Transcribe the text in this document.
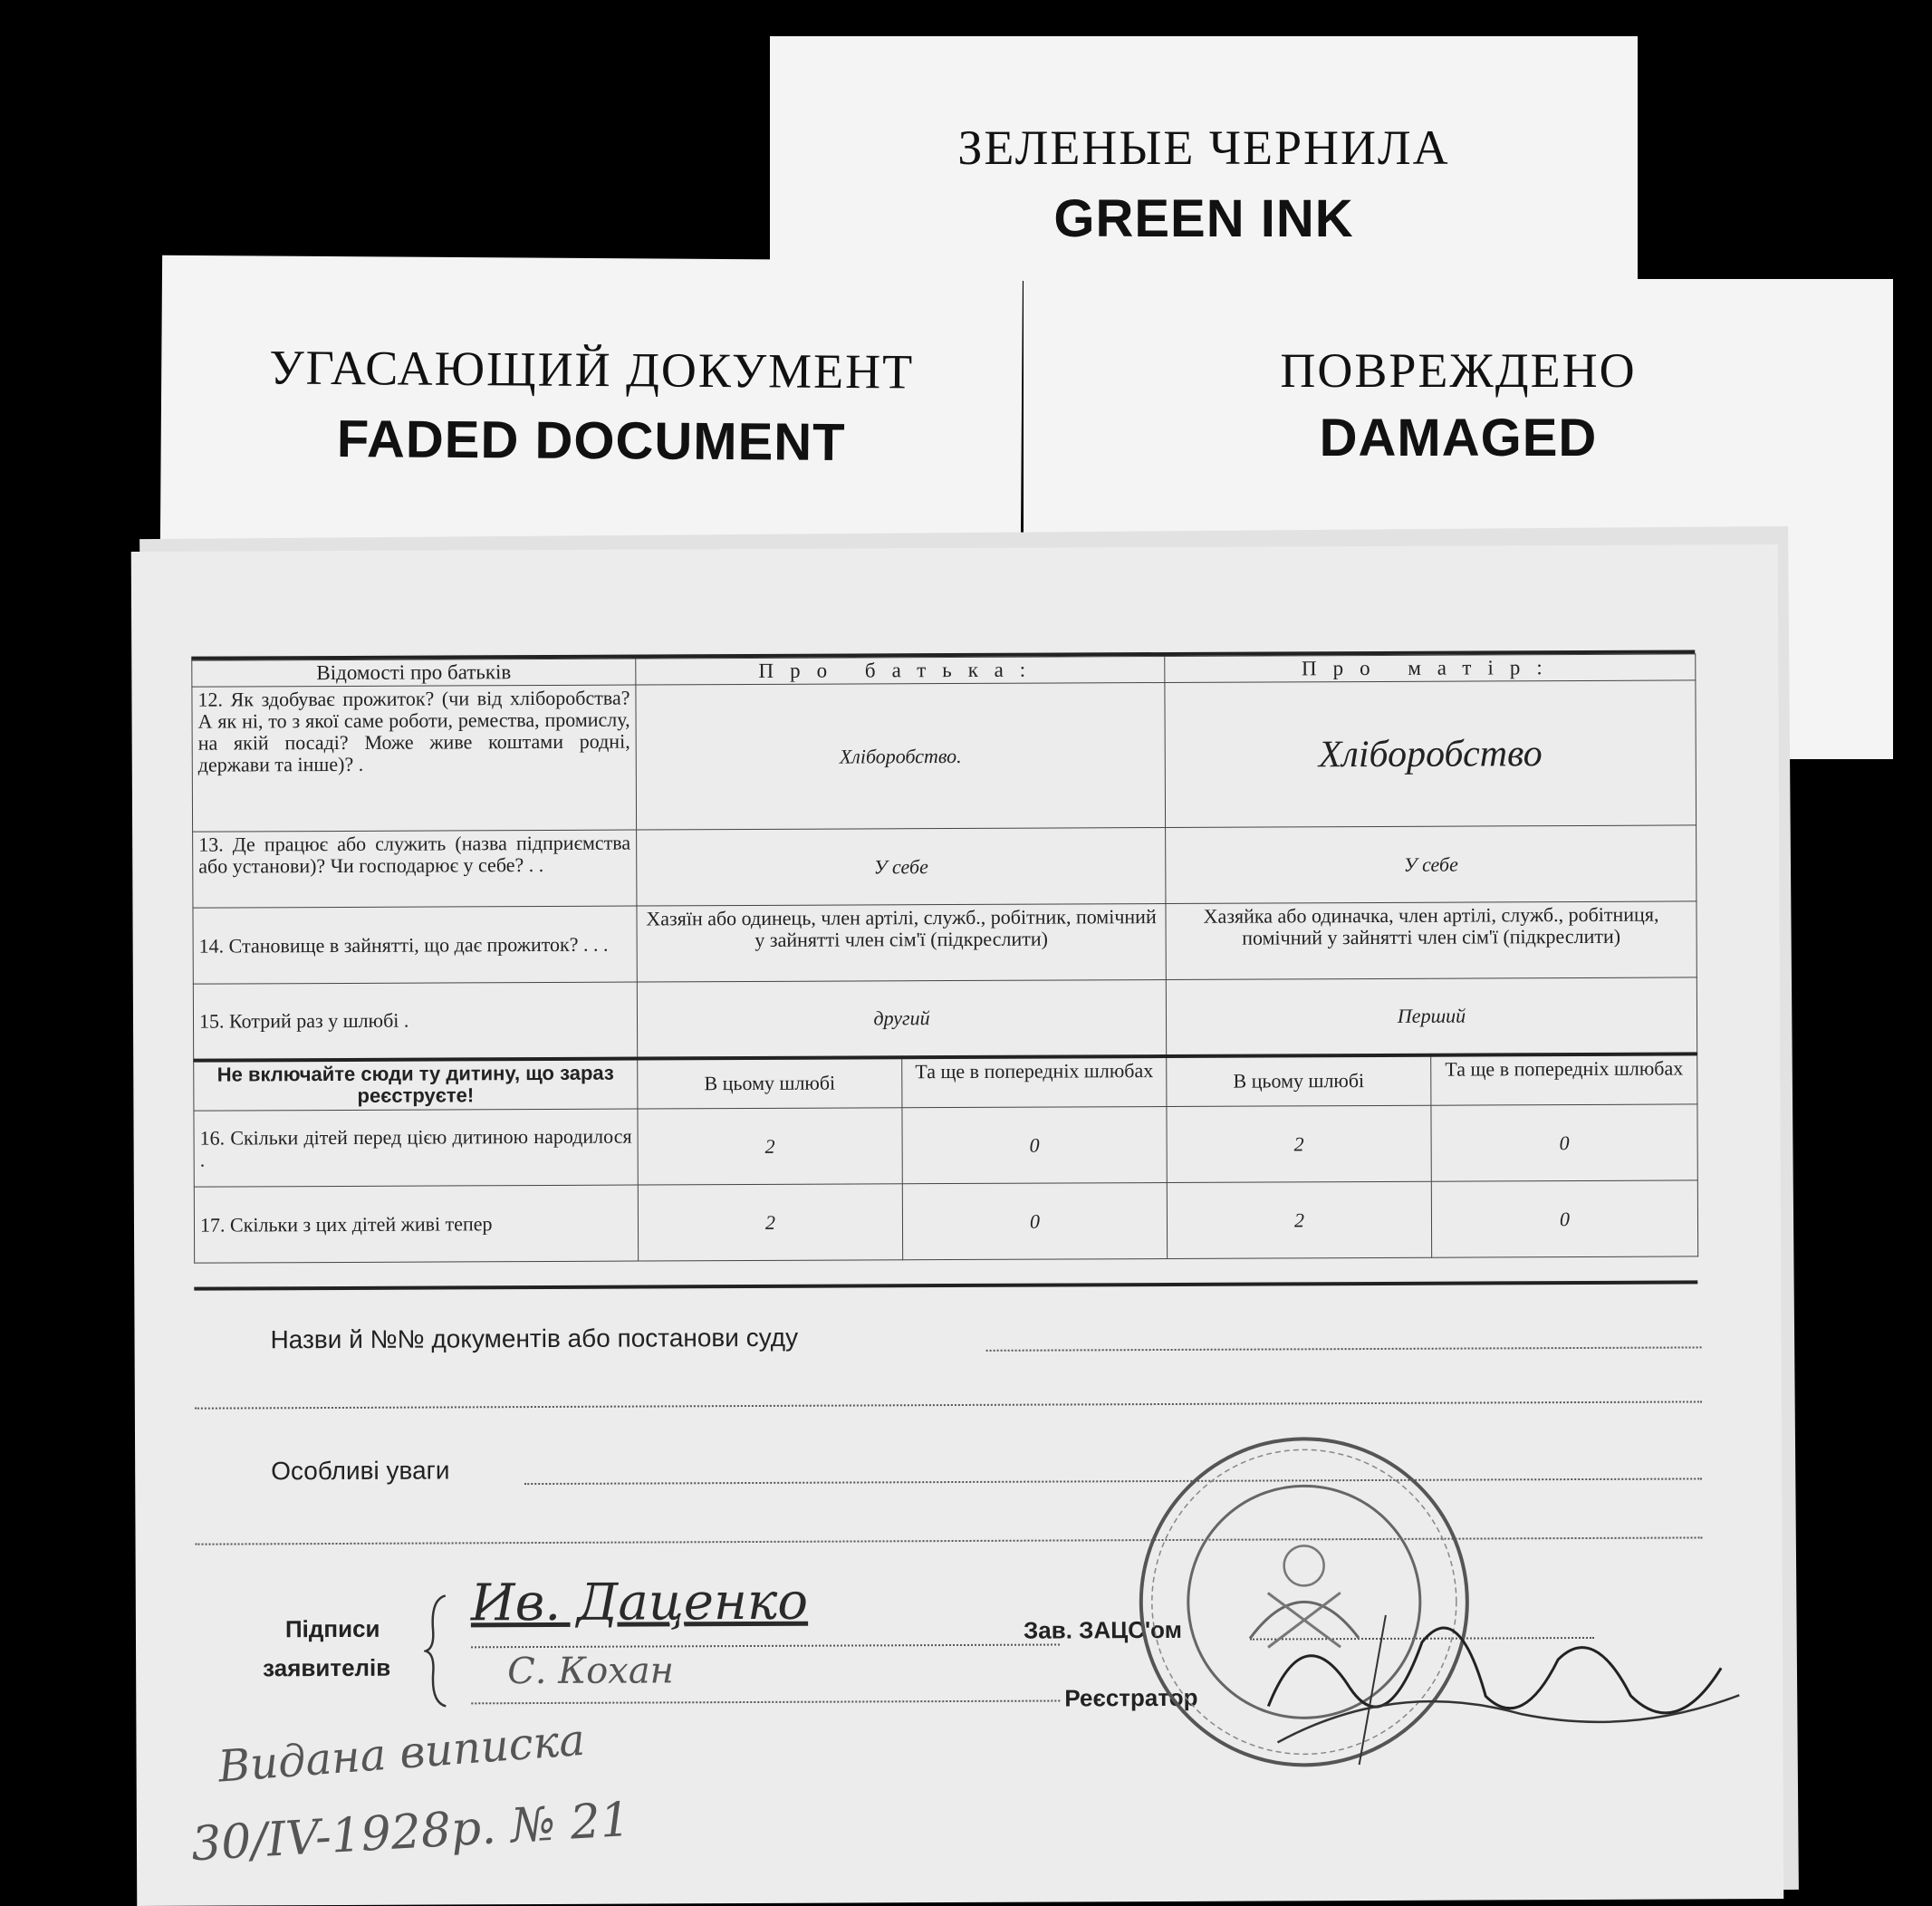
ЗЕЛЕНЫЕ ЧЕРНИЛА
GREEN INK
УГАСАЮЩИЙ ДОКУМЕНТ
FADED DOCUMENT
ПОВРЕЖДЕНО
DAMAGED
Відомості про батьків	Про батька:		Про матір:	
12. Як здобуває прожиток? (чи від хліборобства? А як ні, то з якої саме роботи, ремества, промислу, на якій посаді? Може живе коштами родні, держави та інше)? .	Хліборобство.		Хліборобство	
13. Де працює або служить (назва підприємства або установи)? Чи господарює у себе? . .	У себе		У себе	
14. Становище в зайнятті, що дає прожиток? . . .	Хазяїн або одинець, член артілі, служб., робітник, помічний у зайнятті член сім'ї (підкреслити)		Хазяйка або одиначка, член артілі, служб., робітниця, помічний у зайнятті член сім'ї (підкреслити)	
15. Котрий раз у шлюбі .	другий		Перший	
Не включайте сюди ту дитину, що зараз реєструєте!	В цьому шлюбі	Та ще в попередніх шлюбах	В цьому шлюбі	Та ще в попередніх шлюбах
16. Скільки дітей перед цією дитиною народилося .	2	0	2	0
17. Скільки з цих дітей живі тепер	2	0	2	0
Назви й №№ документів або постанови суду
Особливі уваги
Підписи
заявителів
Ив. Даценко
С. Кохан
Зав. ЗАЦС'ом
Реєстратор
Видана виписка
30/IV-1928р. № 21
